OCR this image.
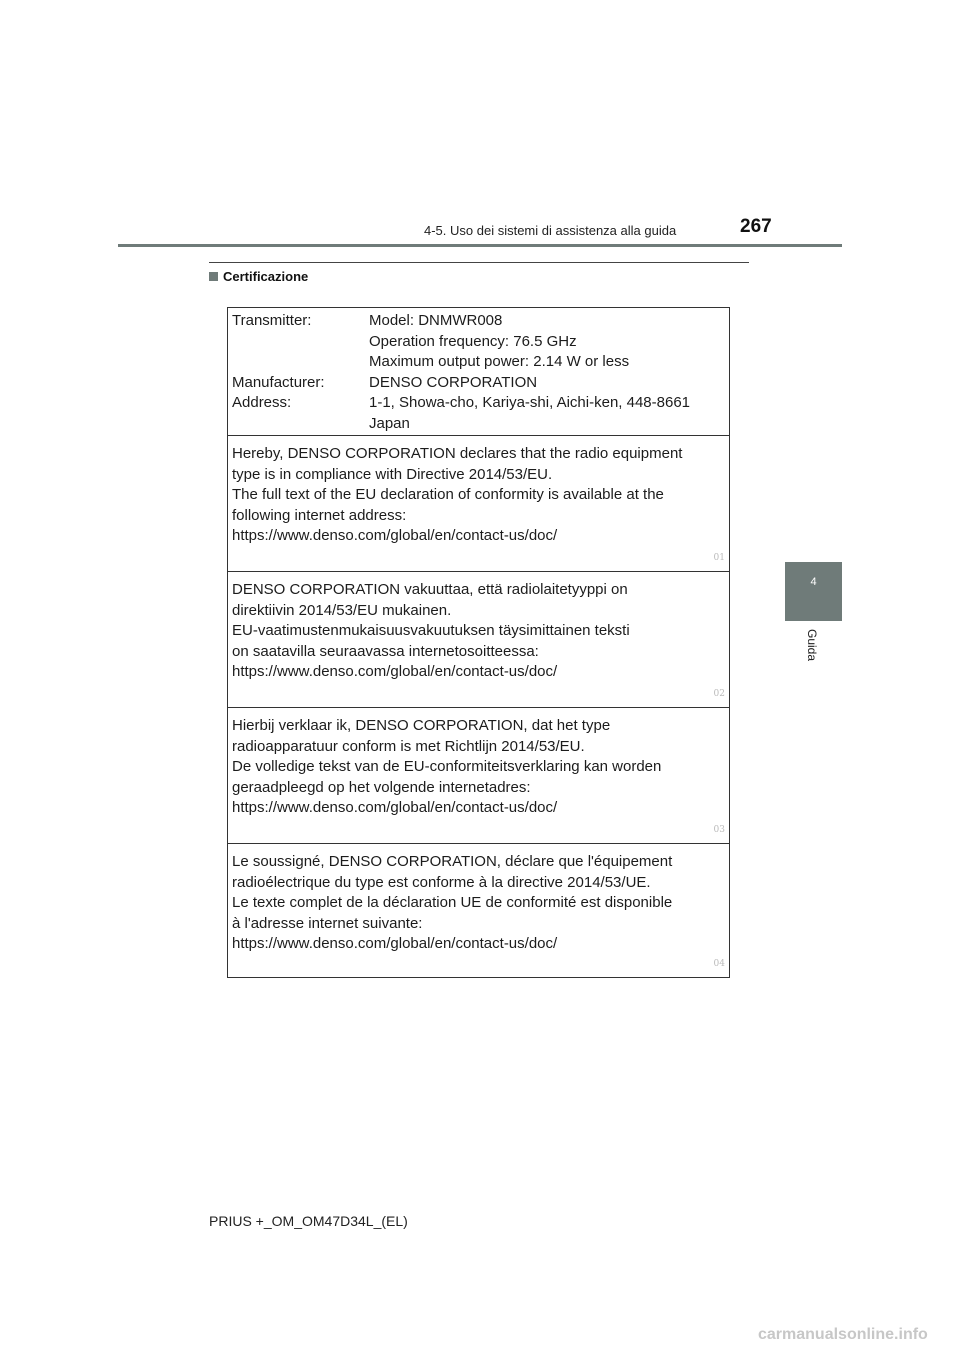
4-5. Uso dei sistemi di assistenza alla guida	267
Certificazione
4
Guida
Transmitter:	Model: DNMWR008
Operation frequency: 76.5 GHz
Maximum output power: 2.14 W or less
Manufacturer:	DENSO CORPORATION
Address:	1-1, Showa-cho, Kariya-shi, Aichi-ken, 448-8661
Japan
Hereby, DENSO CORPORATION declares that the radio equipment
type is in compliance with Directive 2014/53/EU.
The full text of the EU declaration of conformity is available at the
following internet address:
https://www.denso.com/global/en/contact-us/doc/
01
DENSO CORPORATION vakuuttaa, että radiolaitetyyppi on
direktiivin 2014/53/EU mukainen.
EU-vaatimustenmukaisuusvakuutuksen täysimittainen teksti
on saatavilla seuraavassa internetosoitteessa:
https://www.denso.com/global/en/contact-us/doc/
02
Hierbij verklaar ik, DENSO CORPORATION, dat het type
radioapparatuur conform is met Richtlijn 2014/53/EU.
De volledige tekst van de EU-conformiteitsverklaring kan worden
geraadpleegd op het volgende internetadres:
https://www.denso.com/global/en/contact-us/doc/
03
Le soussigné, DENSO CORPORATION, déclare que l'équipement
radioélectrique du type est conforme à la directive 2014/53/UE.
Le texte complet de la déclaration UE de conformité est disponible
à l'adresse internet suivante:
https://www.denso.com/global/en/contact-us/doc/
04
PRIUS +_OM_OM47D34L_(EL)
carmanualsonline.info
